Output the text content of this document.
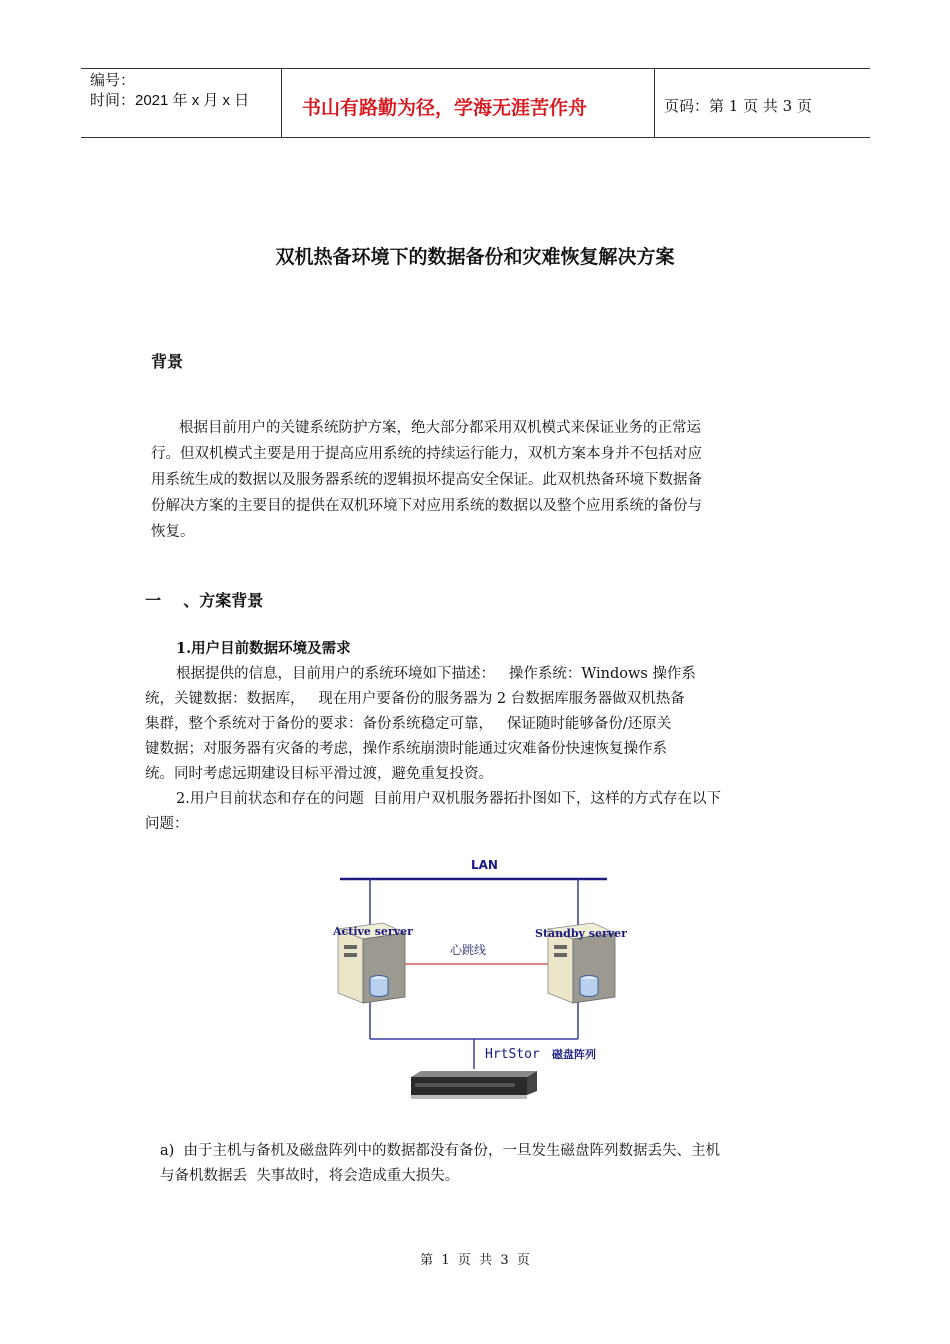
编号：
时间：2021 年 x 月 x 日	书山有路勤为径，学海无涯苦作舟	页码：第 1 页 共 3 页
双机热备环境下的数据备份和灾难恢复解决方案
背景
根据目前用户的关键系统防护方案，绝大部分都采用双机模式来保证业务的正常运
行。但双机模式主要是用于提高应用系统的持续运行能力，双机方案本身并不包括对应
用系统生成的数据以及服务器系统的逻辑损坏提高安全保证。此双机热备环境下数据备
份解决方案的主要目的提供在双机环境下对应用系统的数据以及整个应用系统的备份与
恢复。
一    、方案背景
1.用户目前数据环境及需求
根据提供的信息，目前用户的系统环境如下描述：   操作系统：Windows 操作系
统，关键数据：数据库，   现在用户要备份的服务器为 2 台数据库服务器做双机热备
集群，整个系统对于备份的要求：备份系统稳定可靠，   保证随时能够备份/还原关
键数据；对服务器有灾备的考虑，操作系统崩溃时能通过灾难备份快速恢复操作系
统。同时考虑远期建设目标平滑过渡，避免重复投资。
2.用户目前状态和存在的问题  目前用户双机服务器拓扑图如下，这样的方式存在以下
问题：
LAN
心跳线
Active server	Standby server
HrtStor 磁盘阵列
a)  由于主机与备机及磁盘阵列中的数据都没有备份，一旦发生磁盘阵列数据丢失、主机
与备机数据丢  失事故时，将会造成重大损失。
第  1  页  共  3  页
